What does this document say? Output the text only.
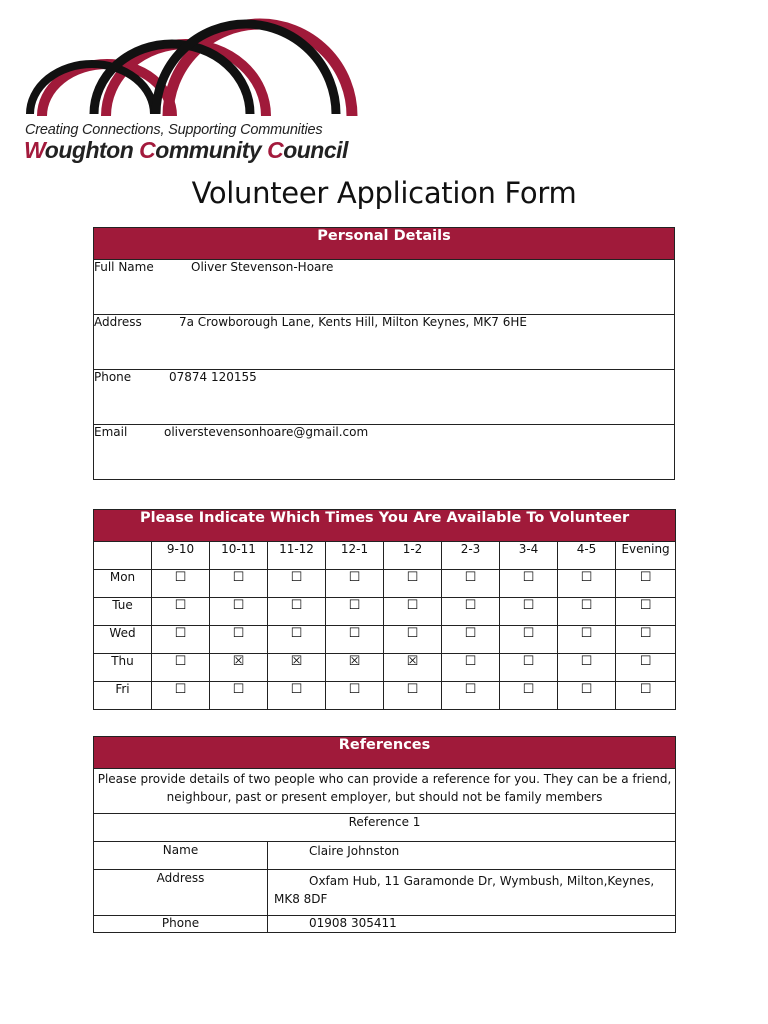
Creating Connections, Supporting Communities
Woughton Community Council
Volunteer Application Form
Personal Details
Full Name	Oliver Stevenson-Hoare
Address	7a Crowborough Lane, Kents Hill, Milton Keynes, MK7 6HE
Phone	07874 120155
Email	oliverstevensonhoare@gmail.com
Please Indicate Which Times You Are Available To Volunteer									
	9-10	10-11	11-12	12-1	1-2	2-3	3-4	4-5	Evening
Mon	☐	☐	☐	☐	☐	☐	☐	☐	☐
Tue	☐	☐	☐	☐	☐	☐	☐	☐	☐
Wed	☐	☐	☐	☐	☐	☐	☐	☐	☐
Thu	☐	☒	☒	☒	☒	☐	☐	☐	☐
Fri	☐	☐	☐	☐	☐	☐	☐	☐	☐
References	

Please provide details of two people who can provide a reference for you. They can be a friend,
neighbour, past or present employer, but should not be family members	

Reference 1	
Name	Claire Johnston
Address	Oxfam Hub, 11 Garamonde Dr, Wymbush, Milton,Keynes,
MK8 8DF

Phone	01908 305411
